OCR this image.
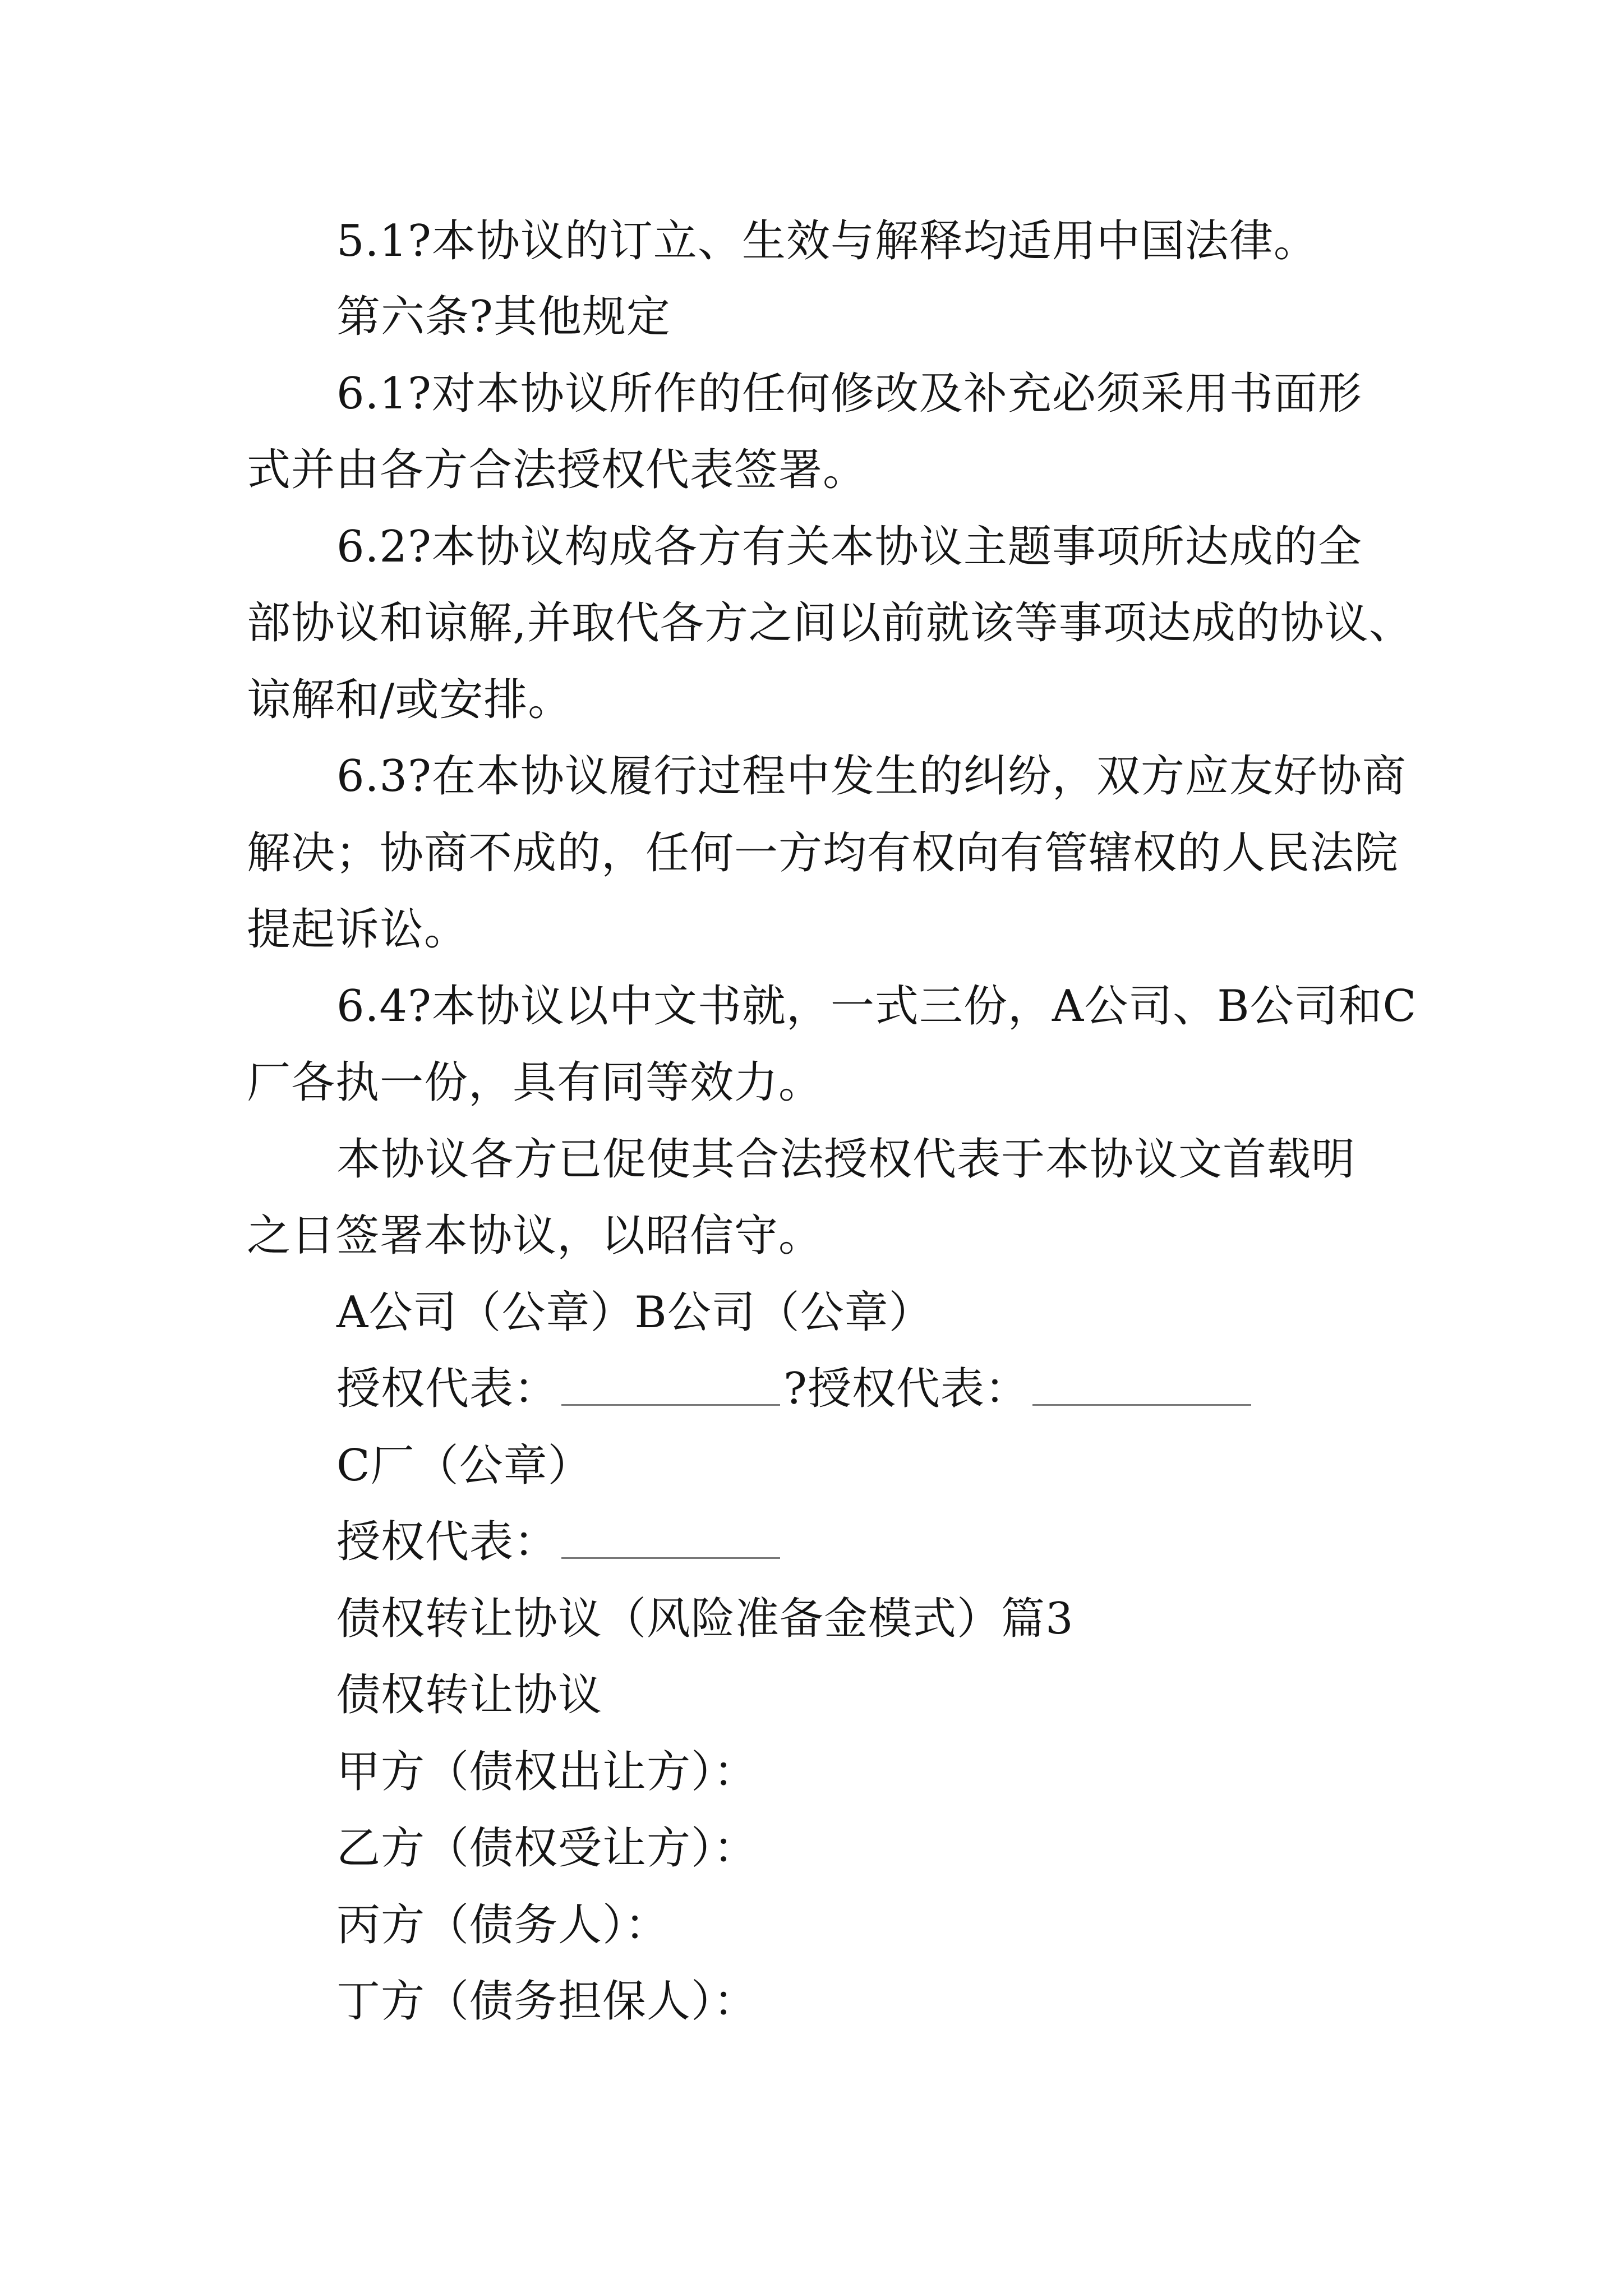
5.1?本协议的订立、生效与解释均适用中国法律。
第六条?其他规定
6.1?对本协议所作的任何修改及补充必须采用书面形
式并由各方合法授权代表签署。
6.2?本协议构成各方有关本协议主题事项所达成的全
部协议和谅解,并取代各方之间以前就该等事项达成的协议、
谅解和/或安排。
6.3?在本协议履行过程中发生的纠纷，双方应友好协商
解决；协商不成的，任何一方均有权向有管辖权的人民法院
提起诉讼。
6.4?本协议以中文书就，一式三份，A公司、B公司和C
厂各执一份，具有同等效力。
本协议各方已促使其合法授权代表于本协议文首载明
之日签署本协议，以昭信守。
A公司（公章）B公司（公章）
授权代表：	?授权代表：
C厂（公章）
授权代表：
债权转让协议（风险准备金模式）篇3
债权转让协议
甲方（债权出让方）：
乙方（债权受让方）：
丙方（债务人）：
丁方（债务担保人）：
